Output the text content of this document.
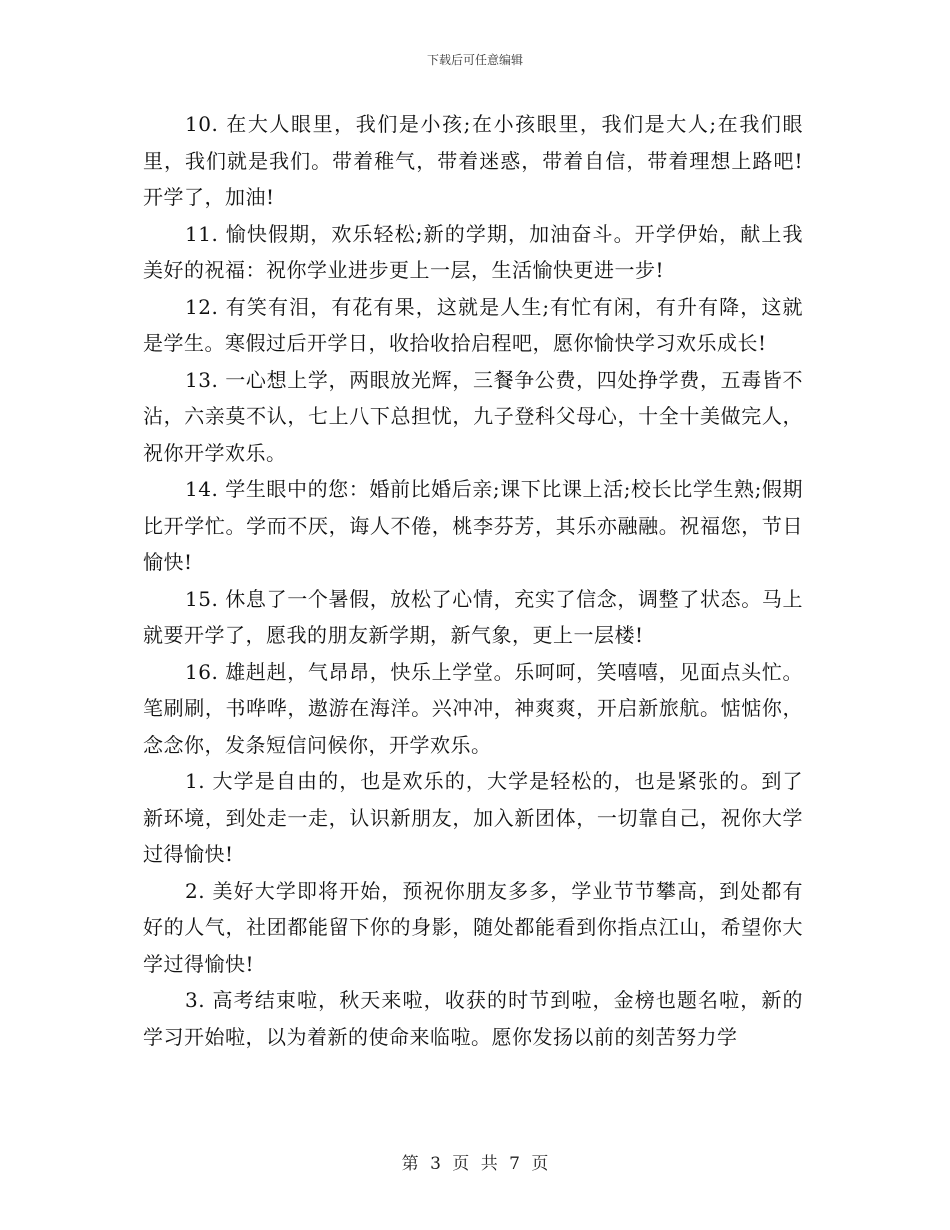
下载后可任意编辑

10. 在大人眼里，我们是小孩;在小孩眼里，我们是大人;在我们眼里，我们就是我们。带着稚气，带着迷惑，带着自信，带着理想上路吧!开学了，加油!

11. 愉快假期，欢乐轻松;新的学期，加油奋斗。开学伊始，献上我美好的祝福：祝你学业进步更上一层，生活愉快更进一步!

12. 有笑有泪，有花有果，这就是人生;有忙有闲，有升有降，这就是学生。寒假过后开学日，收拾收拾启程吧，愿你愉快学习欢乐成长!

13. 一心想上学，两眼放光辉，三餐争公费，四处挣学费，五毒皆不沾，六亲莫不认，七上八下总担忧，九子登科父母心，十全十美做完人，祝你开学欢乐。

14. 学生眼中的您：婚前比婚后亲;课下比课上活;校长比学生熟;假期比开学忙。学而不厌，诲人不倦，桃李芬芳，其乐亦融融。祝福您，节日愉快!

15. 休息了一个暑假，放松了心情，充实了信念，调整了状态。马上就要开学了，愿我的朋友新学期，新气象，更上一层楼!

16. 雄赳赳，气昂昂，快乐上学堂。乐呵呵，笑嘻嘻，见面点头忙。笔刷刷，书哗哗，遨游在海洋。兴冲冲，神爽爽，开启新旅航。惦惦你，念念你，发条短信问候你，开学欢乐。

1. 大学是自由的，也是欢乐的，大学是轻松的，也是紧张的。到了新环境，到处走一走，认识新朋友，加入新团体，一切靠自己，祝你大学过得愉快!

2. 美好大学即将开始，预祝你朋友多多，学业节节攀高，到处都有好的人气，社团都能留下你的身影，随处都能看到你指点江山，希望你大学过得愉快!

3. 高考结束啦，秋天来啦，收获的时节到啦，金榜也题名啦，新的学习开始啦，以为着新的使命来临啦。愿你发扬以前的刻苦努力学

第 3 页 共 7 页
